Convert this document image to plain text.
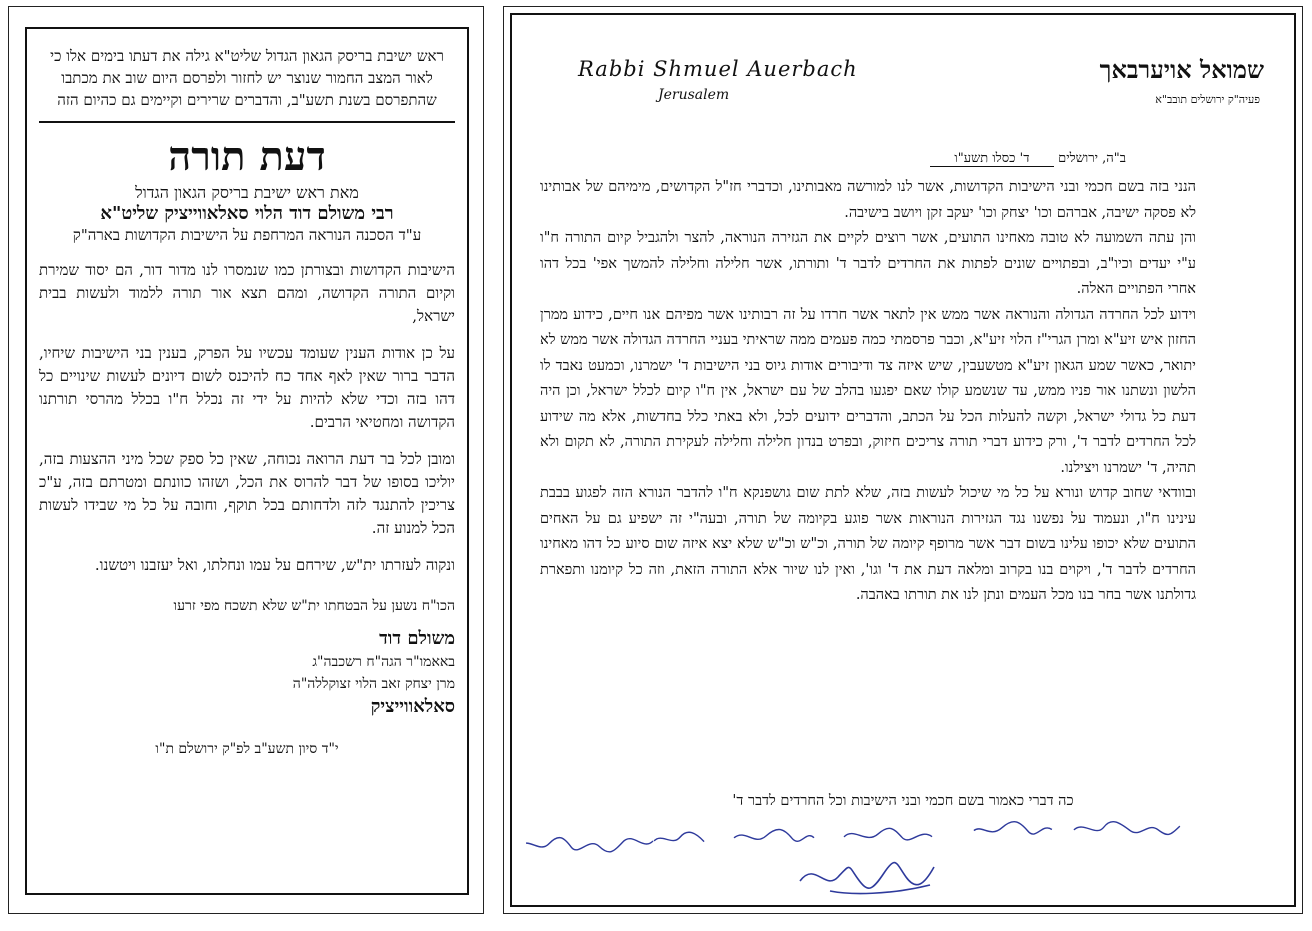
ראש ישיבת בריסק הגאון הגדול שליט"א גילה את דעתו בימים אלו כי לאור המצב החמור שנוצר יש לחזור ולפרסם היום שוב את מכתבו שהתפרסם בשנת תשע"ב, והדברים שרירים וקיימים גם כהיום הזה
דעת תורה
מאת ראש ישיבת בריסק הגאון הגדול
רבי משולם דוד הלוי סאלאווייציק שליט"א
ע"ד הסכנה הנוראה המרחפת על הישיבות הקדושות בארה"ק

הישיבות הקדושות ובצורתן כמו שנמסרו לנו מדור דור, הם יסוד שמירת וקיום התורה הקדושה, ומהם תצא אור תורה ללמוד ולעשות בבית ישראל,

על כן אודות הענין שעומד עכשיו על הפרק, בענין בני הישיבות שיחיו, הדבר ברור שאין לאף אחד כח להיכנס לשום דיונים לעשות שינויים כל דהו בזה וכדי שלא להיות על ידי זה נכלל ח"ו בכלל מהרסי תורתנו הקדושה ומחטיאי הרבים.

ומובן לכל בר דעת הרואה נכוחה, שאין כל ספק שכל מיני ההצעות בזה, יוליכו בסופו של דבר להרוס את הכל, ושזהו כוונתם ומטרתם בזה, ע"כ צריכין להתנגד לזה ולדחותם בכל תוקף, וחובה על כל מי שבידו לעשות הכל למנוע זה.

ונקוה לעזרתו ית"ש, שירחם על עמו ונחלתו, ואל יעזבנו ויטשנו.

הכו"ח נשען על הבטחתו ית"ש שלא תשכח מפי זרעו
משולם דוד
באאמו"ר הגה"ח רשכבה"ג
מרן יצחק זאב הלוי זצוקללה"ה
סאלאווייציק
י"ד סיון תשע"ב לפ"ק ירושלם ת"ו
Rabbi Shmuel Auerbach
Jerusalem
שמואל אויערבאך
פעיה"ק ירושלים תובב"א
ב"ה, ירושלים ד' כסלו תשע"ו

הנני בזה בשם חכמי ובני הישיבות הקדושות, אשר לנו למורשה מאבותינו, וכדברי חז"ל הקדושים, מימיהם של אבותינו לא פסקה ישיבה, אברהם וכו' יצחק וכו' יעקב זקן ויושב בישיבה.

והן עתה השמועה לא טובה מאחינו התועים, אשר רוצים לקיים את הגזירה הנוראה, להצר ולהגביל קיום התורה ח"ו ע"י יעדים וכיו"ב, ובפתויים שונים לפתות את החרדים לדבר ד' ותורתו, אשר חלילה וחלילה להמשך אפי' בכל דהו אחרי הפתויים האלה.

וידוע לכל החרדה הגדולה והנוראה אשר ממש אין לתאר אשר חרדו על זה רבותינו אשר מפיהם אנו חיים, כידוע ממרן החזון איש זיע"א ומרן הגרי"ז הלוי זיע"א, וכבר פרסמתי כמה פעמים ממה שראיתי בעניי החרדה הגדולה אשר ממש לא יתואר, כאשר שמע הגאון זיע"א מטשעבין, שיש איזה צד ודיבורים אודות גיוס בני הישיבות ד' ישמרנו, וכמעט נאבד לו הלשון ונשתנו אור פניו ממש, עד שנשמע קולו שאם יפגעו בהלב של עם ישראל, אין ח"ו קיום לכלל ישראל, וכן היה דעת כל גדולי ישראל, וקשה להעלות הכל על הכתב, והדברים ידועים לכל, ולא באתי כלל בחדשות, אלא מה שידוע לכל החרדים לדבר ד', ורק כידוע דברי תורה צריכים חיזוק, ובפרט בנדון חלילה וחלילה לעקירת התורה, לא תקום ולא תהיה, ד' ישמרנו ויצילנו.

ובוודאי שחוב קדוש ונורא על כל מי שיכול לעשות בזה, שלא לתת שום גושפנקא ח"ו להדבר הנורא הזה לפגוע בבבת עינינו ח"ו, ונעמוד על נפשנו נגד הגזירות הנוראות אשר פוגע בקיומה של תורה, ובעה"י זה ישפיע גם על האחים התועים שלא יכופו עלינו בשום דבר אשר מרופף קיומה של תורה, וכ"ש וכ"ש שלא יצא איזה שום סיוע כל דהו מאחינו החרדים לדבר ד', ויקוים בנו בקרוב ומלאה דעת את ד' וגו', ואין לנו שיור אלא התורה הזאת, וזה כל קיומנו ותפארת גדולתנו אשר בחר בנו מכל העמים ונתן לנו את תורתו באהבה.

כה דברי כאמור בשם חכמי ובני הישיבות וכל החרדים לדבר ד'
